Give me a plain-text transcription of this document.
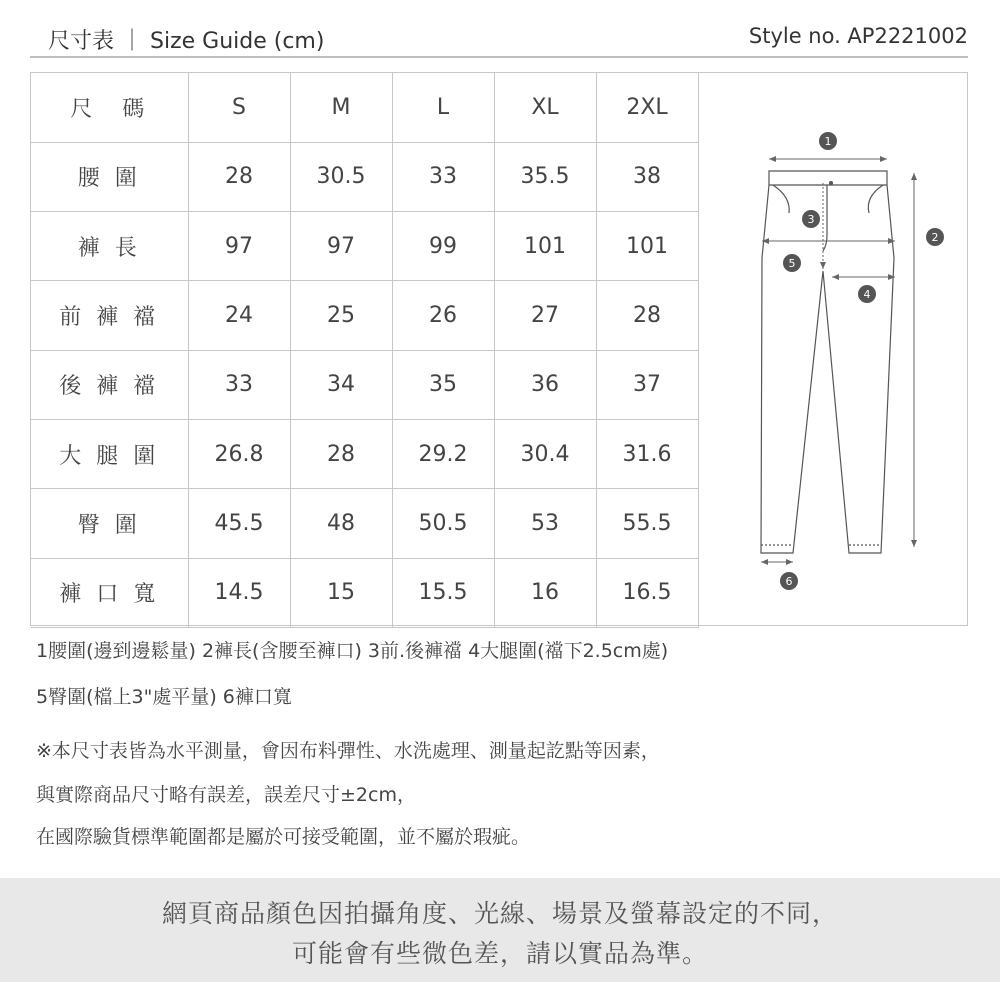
尺寸表 ｜ Size Guide (cm)	Style no. AP2221002
尺　碼	S	M	L	XL	2XL
腰 圍	28	30.5	33	35.5	38
褲 長	97	97	99	101	101
前 褲 襠	24	25	26	27	28
後 褲 襠	33	34	35	36	37
大 腿 圍	26.8	28	29.2	30.4	31.6
臀 圍	45.5	48	50.5	53	55.5
褲 口 寬	14.5	15	15.5	16	16.5
1
2
3
4
5
6
1腰圍(邊到邊鬆量) 2褲長(含腰至褲口) 3前.後褲襠 4大腿圍(襠下2.5cm處)
5臀圍(檔上3"處平量) 6褲口寬
※本尺寸表皆為水平測量，會因布料彈性、水洗處理、測量起訖點等因素，
與實際商品尺寸略有誤差，誤差尺寸±2cm，
在國際驗貨標準範圍都是屬於可接受範圍，並不屬於瑕疵。
網頁商品顏色因拍攝角度、光線、場景及螢幕設定的不同，
可能會有些微色差，請以實品為準。
